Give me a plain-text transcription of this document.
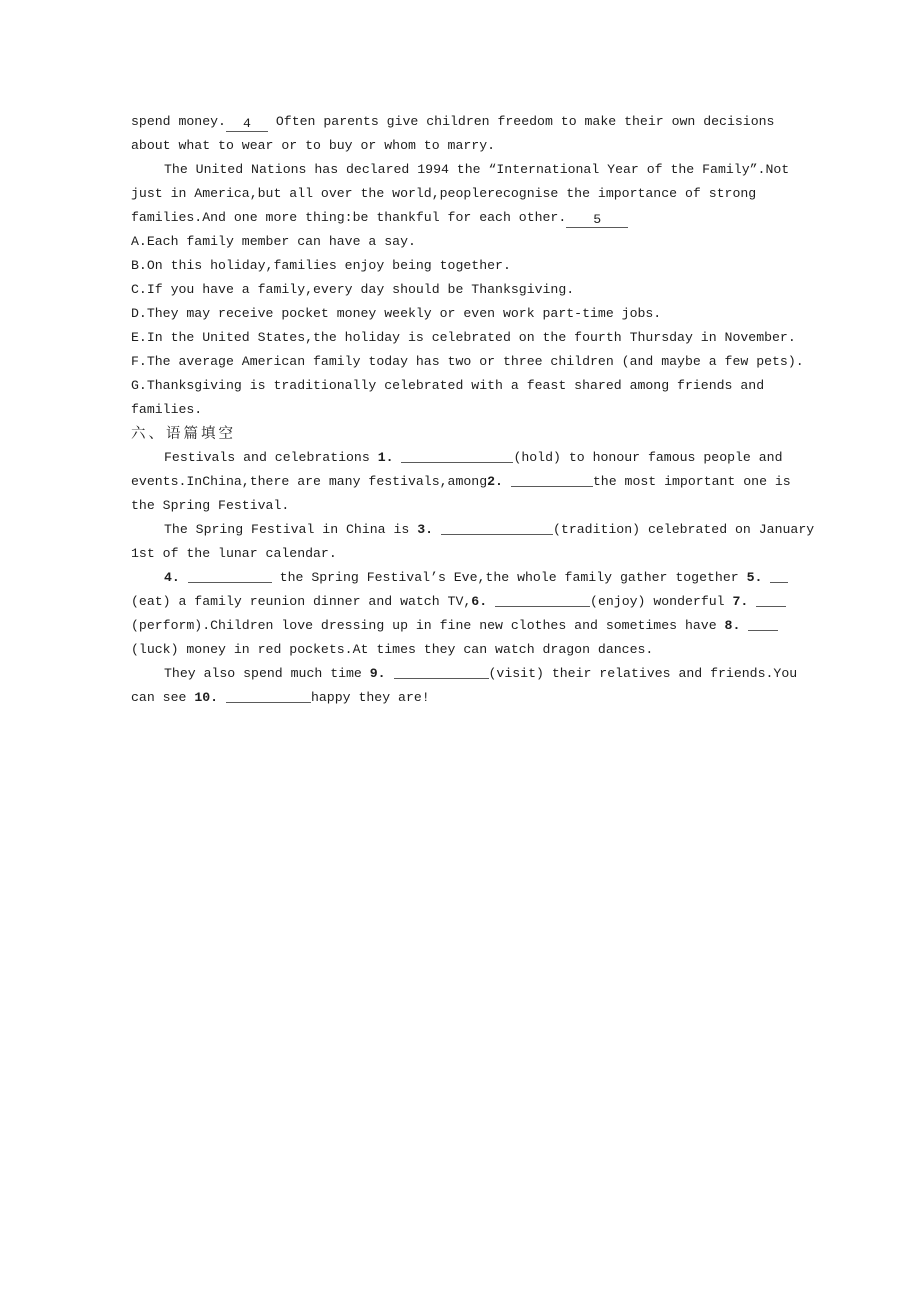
spend money. 4 Often parents give children freedom to make their own decisions
about what to wear or to buy or whom to marry.
The United Nations has declared 1994 the “International Year of the Family”.Not
just in America,but all over the world,peoplerecognise the importance of strong
families.And one more thing:be thankful for each other. 5
A.Each family member can have a say.
B.On this holiday,families enjoy being together.
C.If you have a family,every day should be Thanksgiving.
D.They may receive pocket money weekly or even work part-time jobs.
E.In the United States,the holiday is celebrated on the fourth Thursday in November.
F.The average American family today has two or three children (and maybe a few pets).
G.Thanksgiving is traditionally celebrated with a feast shared among friends and
families.
六、语篇填空
Festivals and celebrations 1.	(hold) to honour famous people and
events.InChina,there are many festivals,among2.	the most important one is
the Spring Festival.
The Spring Festival in China is 3.	(tradition) celebrated on January
1st of the lunar calendar.
4.	the Spring Festival’s Eve,the whole family gather together 5.
(eat) a family reunion dinner and watch TV,6.	(enjoy) wonderful 7.
(perform).Children love dressing up in fine new clothes and sometimes have 8.
(luck) money in red pockets.At times they can watch dragon dances.
They also spend much time 9.	(visit) their relatives and friends.You
can see 10.	happy they are!
